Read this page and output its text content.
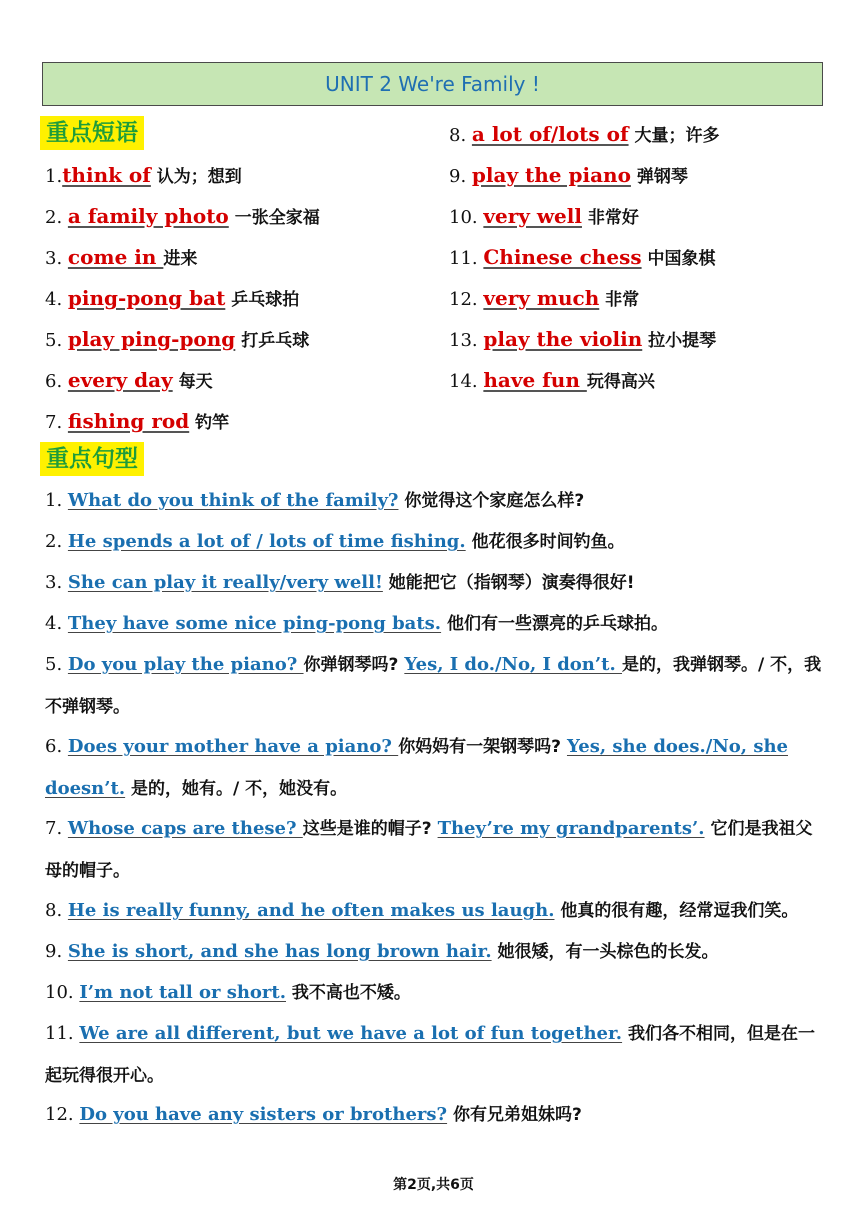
UNIT 2 We're Family !
重点短语
1.think of 认为；想到
2. a family photo 一张全家福
3. come in 进来
4. ping-pong bat 乒乓球拍
5. play ping-pong 打乒乓球
6. every day 每天
7. fishing rod 钓竿
8. a lot of/lots of 大量；许多
9. play the piano 弹钢琴
10. very well 非常好
11. Chinese chess 中国象棋
12. very much 非常
13. play the violin 拉小提琴
14. have fun 玩得高兴
重点句型
1. What do you think of the family? 你觉得这个家庭怎么样?
2. He spends a lot of / lots of time fishing. 他花很多时间钓鱼。
3. She can play it really/very well! 她能把它（指钢琴）演奏得很好!
4. They have some nice ping-pong bats. 他们有一些漂亮的乒乓球拍。
5. Do you play the piano? 你弹钢琴吗? Yes, I do./No, I don’t. 是的，我弹钢琴。/ 不，我不弹钢琴。
6. Does your mother have a piano? 你妈妈有一架钢琴吗? Yes, she does./No, she doesn’t. 是的，她有。/ 不，她没有。
7. Whose caps are these? 这些是谁的帽子? They’re my grandparents’. 它们是我祖父母的帽子。
8. He is really funny, and he often makes us laugh. 他真的很有趣，经常逗我们笑。
9. She is short, and she has long brown hair. 她很矮，有一头棕色的长发。
10. I’m not tall or short. 我不高也不矮。
11. We are all different, but we have a lot of fun together. 我们各不相同，但是在一起玩得很开心。
12. Do you have any sisters or brothers? 你有兄弟姐妹吗?
第2页,共6页
